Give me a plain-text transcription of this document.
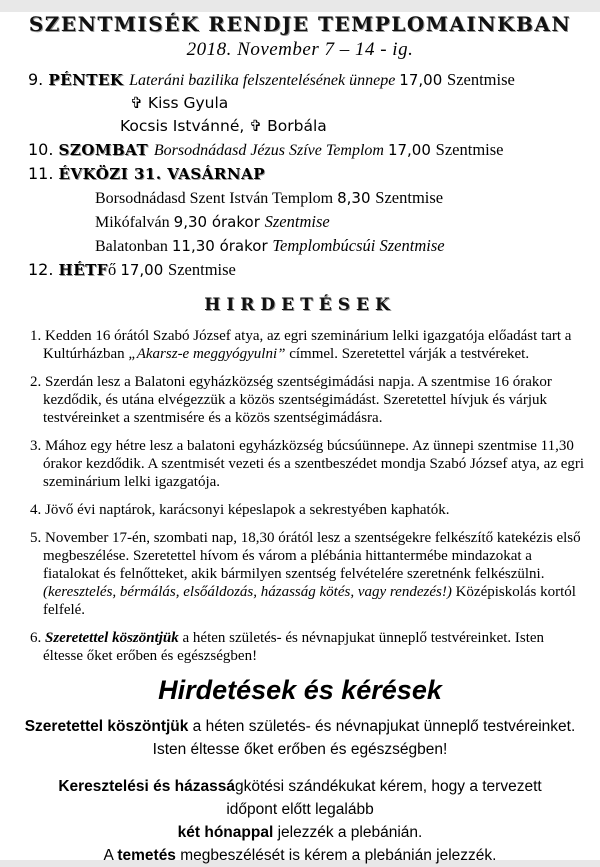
SZENTMISÉK RENDJE TEMPLOMAINKBAN
2018. November 7 – 14 - ig.
9. PÉNTEK Lateráni bazilika felszentelésének ünnepe 17,00 Szentmise
✞ Kiss Gyula
Kocsis Istvánné, ✞ Borbála
10. SZOMBAT Borsodnádasd Jézus Szíve Templom 17,00 Szentmise
11. ÉVKÖZI 31. VASÁRNAP
Borsodnádasd Szent István Templom 8,30 Szentmise
Mikófalván 9,30 órakor Szentmise
Balatonban 11,30 órakor Templombúcsúi Szentmise
12. HÉTFő 17,00 Szentmise
HIRDETÉSEK

1. Kedden 16 órától Szabó József atya, az egri szeminárium lelki igazgatója előadást tart a Kultúrházban „Akarsz-e meggyógyulni” címmel. Szeretettel várják a testvéreket.

2. Szerdán lesz a Balatoni egyházközség szentségimádási napja. A szentmise 16 órakor kezdődik, és utána elvégezzük a közös szentségimádást. Szeretettel hívjuk és várjuk testvéreinket a szentmisére és a közös szentségimádásra.

3. Mához egy hétre lesz a balatoni egyházközség búcsúünnepe. Az ünnepi szentmise 11,30 órakor kezdődik. A szentmisét vezeti és a szentbeszédet mondja Szabó József atya, az egri szeminárium lelki igazgatója.

4. Jövő évi naptárok, karácsonyi képeslapok a sekrestyében kaphatók.

5. November 17-én, szombati nap, 18,30 órától lesz a szentségekre felkészítő katekézis első megbeszélése. Szeretettel hívom és várom a plébánia hittantermébe mindazokat a fiatalokat és felnőtteket, akik bármilyen szentség felvételére szeretnénk felkészülni. (keresztelés, bérmálás, elsőáldozás, házasság kötés, vagy rendezés!) Középiskolás kortól felfelé.

6. Szeretettel köszöntjük a héten születés- és névnapjukat ünneplő testvéreinket. Isten éltesse őket erőben és egészségben!

Hirdetések és kérések
Szeretettel köszöntjük a héten születés- és névnapjukat ünneplő testvéreinket.
Isten éltesse őket erőben és egészségben!
Keresztelési és házasságkötési szándékukat kérem, hogy a tervezett
időpont előtt legalább
két hónappal jelezzék a plebánián.
A temetés megbeszélését is kérem a plebánián jelezzék.
